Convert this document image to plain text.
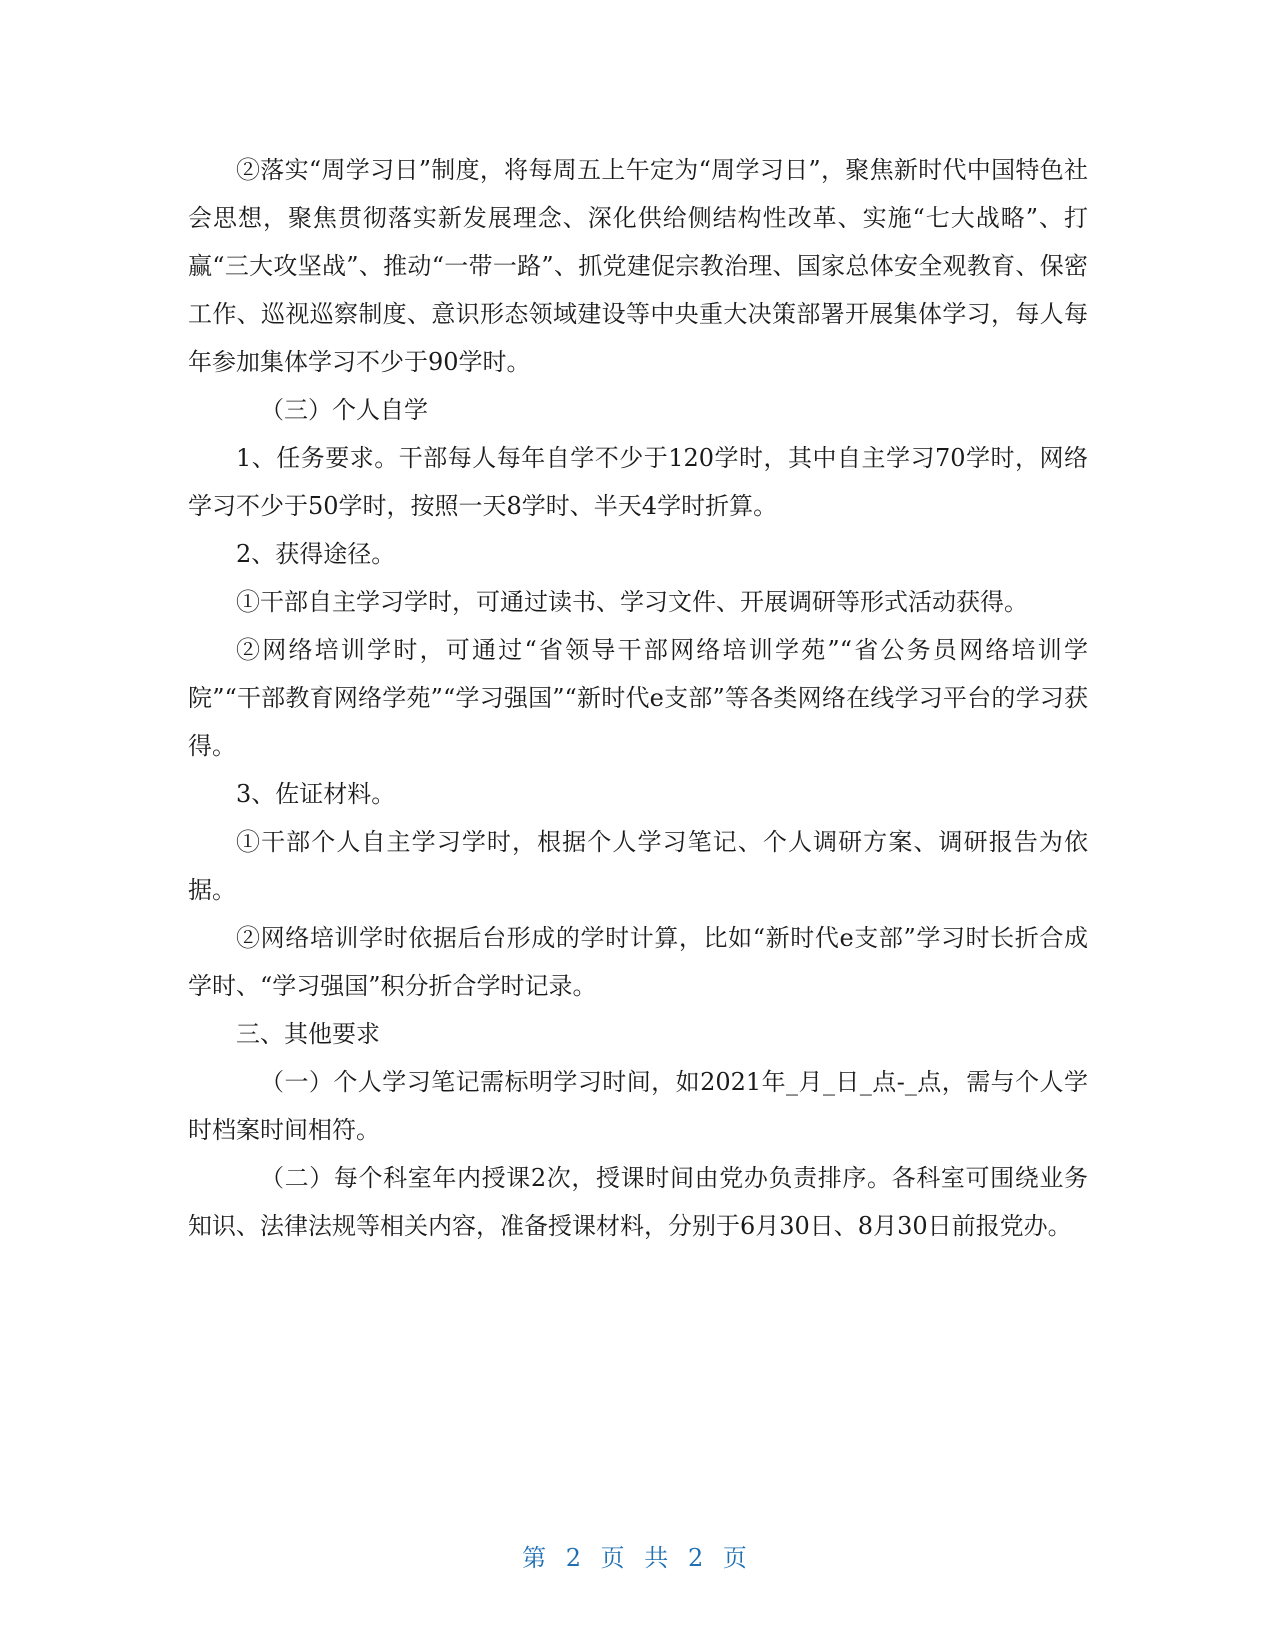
②落实“周学习日”制度，将每周五上午定为“周学习日”，聚焦新时代中国特色社会思想，聚焦贯彻落实新发展理念、深化供给侧结构性改革、实施“七大战略”、打赢“三大攻坚战”、推动“一带一路”、抓党建促宗教治理、国家总体安全观教育、保密工作、巡视巡察制度、意识形态领域建设等中央重大决策部署开展集体学习，每人每年参加集体学习不少于90学时。

（三）个人自学

1、任务要求。干部每人每年自学不少于120学时，其中自主学习70学时，网络学习不少于50学时，按照一天8学时、半天4学时折算。

2、获得途径。

①干部自主学习学时，可通过读书、学习文件、开展调研等形式活动获得。

②网络培训学时，可通过“省领导干部网络培训学苑”“省公务员网络培训学院”“干部教育网络学苑”“学习强国”“新时代e支部”等各类网络在线学习平台的学习获得。

3、佐证材料。

①干部个人自主学习学时，根据个人学习笔记、个人调研方案、调研报告为依据。

②网络培训学时依据后台形成的学时计算，比如“新时代e支部”学习时长折合成学时、“学习强国”积分折合学时记录。

三、其他要求

（一）个人学习笔记需标明学习时间，如2021年_月_日_点-_点，需与个人学时档案时间相符。

（二）每个科室年内授课2次，授课时间由党办负责排序。各科室可围绕业务知识、法律法规等相关内容，准备授课材料，分别于6月30日、8月30日前报党办。

第 2 页 共 2 页
